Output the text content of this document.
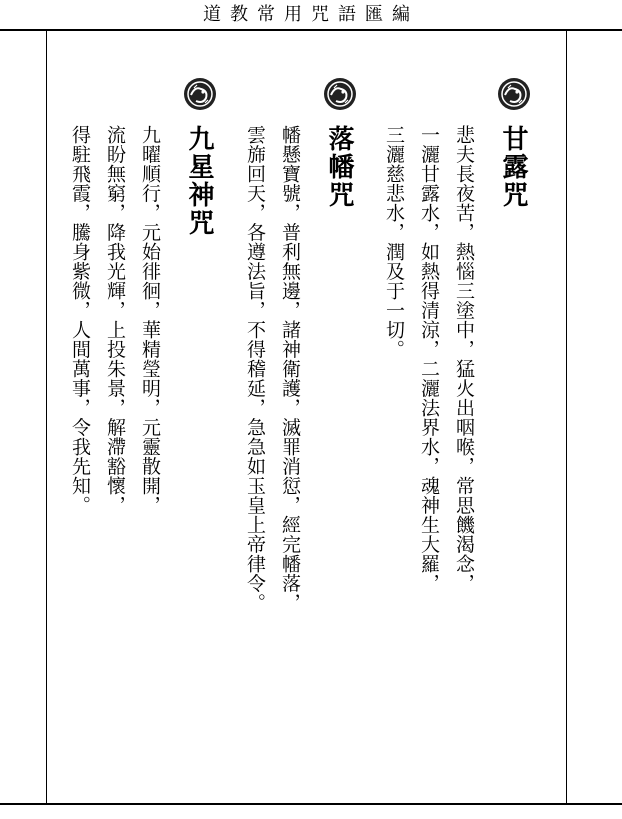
道教常用咒語匯編
甘露咒
悲夫長夜苦，熱惱三塗中，猛火出咽喉，常思饑渴念，
一灑甘露水，如熱得清涼，二灑法界水，魂神生大羅，
三灑慈悲水，潤及于一切。
落幡咒
幡懸寶號，普利無邊，諸神衛護，滅罪消愆，經完幡落，
雲旆回天，各遵法旨，不得稽延，急急如玉皇上帝律令。
九星神咒
九曜順行，元始徘徊，華精瑩明，元靈散開，
流盼無窮，降我光輝，上投朱景，解滯豁懷，
得駐飛霞，騰身紫微，人間萬事，令我先知。
